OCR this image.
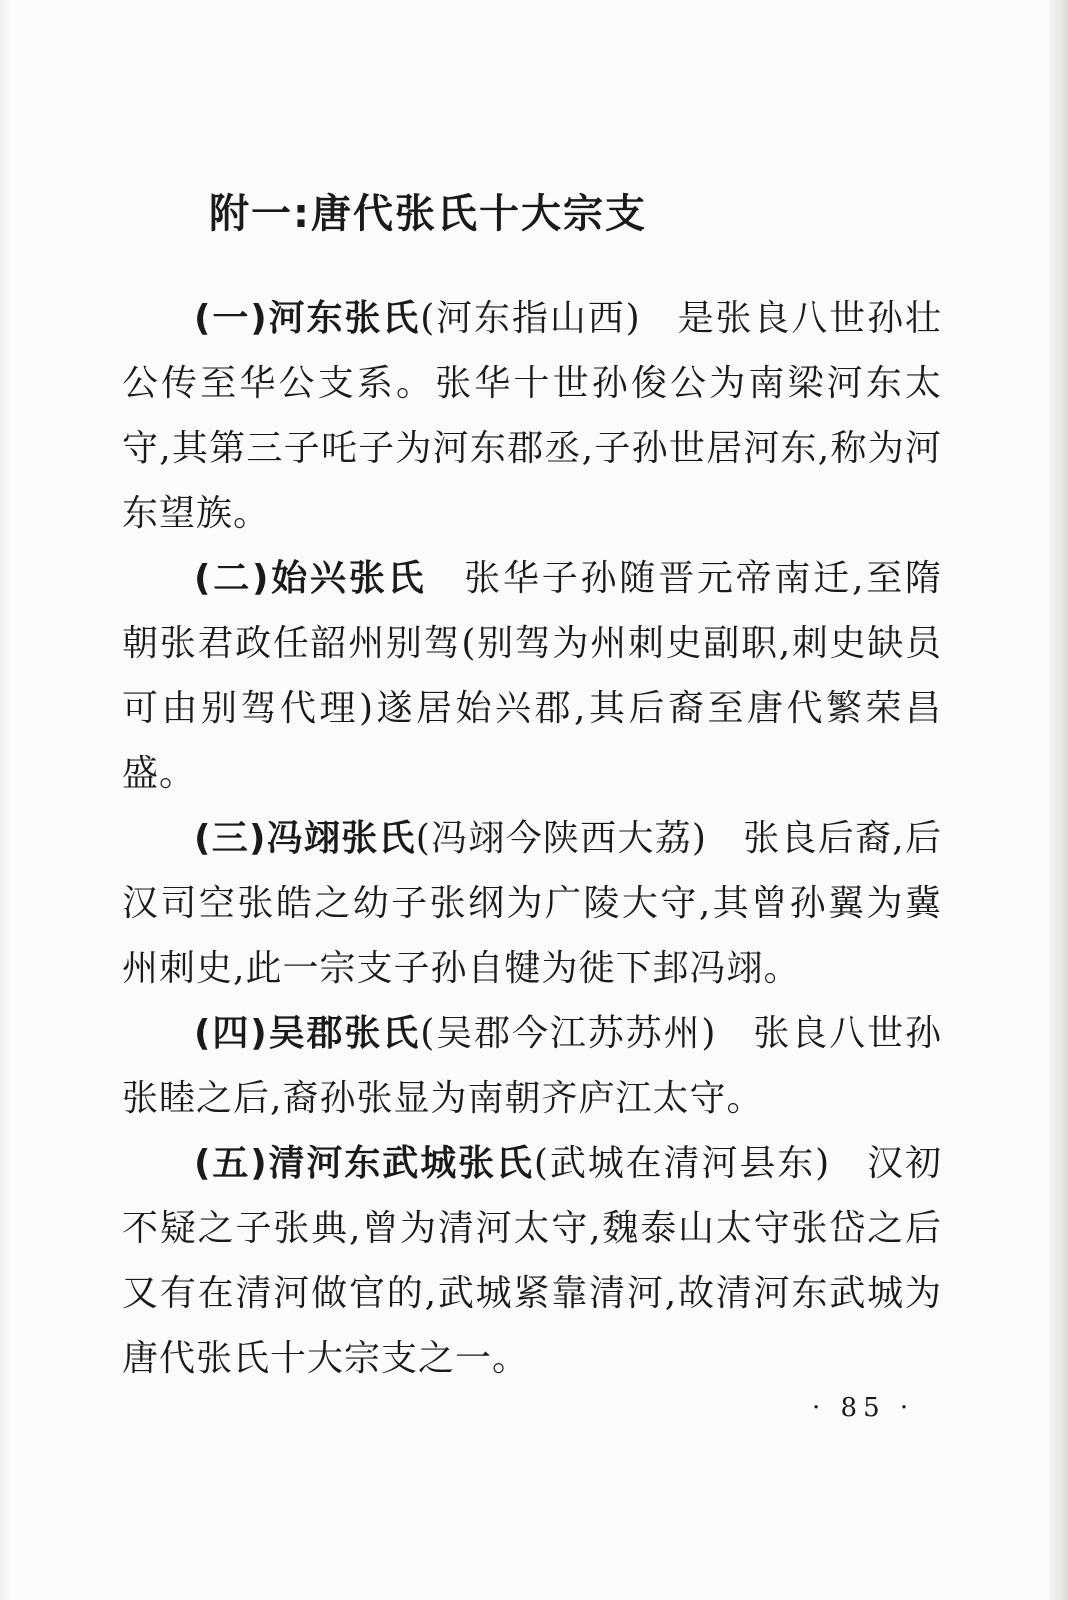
附一:唐代张氏十大宗支

(一)河东张氏(河东指山西) 是张良八世孙壮公传至华公支系。张华十世孙俊公为南梁河东太守,其第三子吒子为河东郡丞,子孙世居河东,称为河东望族。

(二)始兴张氏 张华子孙随晋元帝南迁,至隋朝张君政任韶州别驾(别驾为州刺史副职,刺史缺员可由别驾代理)遂居始兴郡,其后裔至唐代繁荣昌盛。

(三)冯翊张氏(冯翊今陕西大荔) 张良后裔,后汉司空张皓之幼子张纲为广陵大守,其曾孙翼为冀州刺史,此一宗支子孙自犍为徙下邽冯翊。

(四)吴郡张氏(吴郡今江苏苏州) 张良八世孙张睦之后,裔孙张显为南朝齐庐江太守。

(五)清河东武城张氏(武城在清河县东) 汉初不疑之子张典,曾为清河太守,魏泰山太守张岱之后又有在清河做官的,武城紧靠清河,故清河东武城为唐代张氏十大宗支之一。

· 85 ·
